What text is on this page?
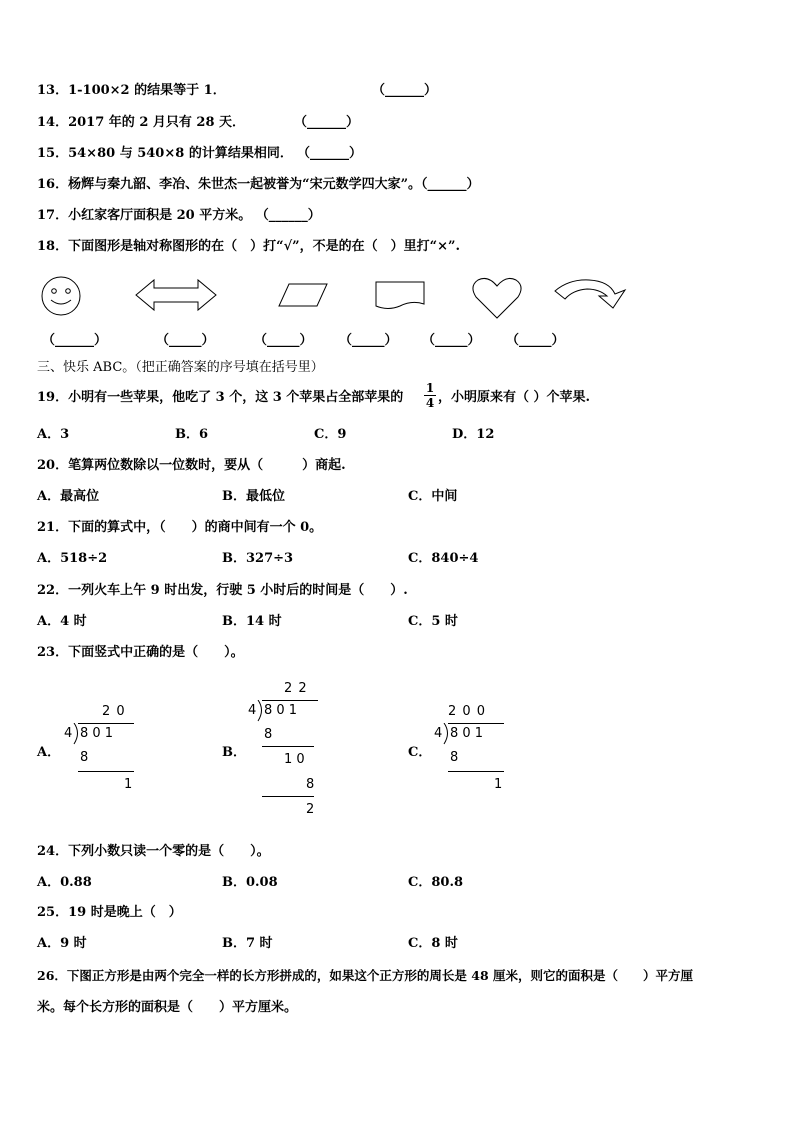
13．1-100×2 的结果等于 1．	（______）
14．2017 年的 2 月只有 28 天．	（______）
15．54×80 与 540×8 的计算结果相同． （______）
16．杨辉与秦九韶、李冶、朱世杰一起被誉为“宋元数学四大家”。（______）
17．小红家客厅面积是 20 平方米。 （______）
18．下面图形是轴对称图形的在（　）打“√”，不是的在（　）里打“×”.
（______）	（_____）	（_____） （_____） （_____） （_____）
三、快乐 ABC。（把正确答案的序号填在括号里）
19．小明有一些苹果，他吃了 3 个，这 3 个苹果占全部苹果的
1
4 ，小明原来有（ ）个苹果.
A．3	B．6	C．9	D．12
20．笔算两位数除以一位数时，要从（　　　）商起.
A．最高位	B．最低位	C．中间
21．下面的算式中，（　　）的商中间有一个 0。
A．518÷2	B．327÷3	C．840÷4
22．一列火车上午 9 时出发，行驶 5 小时后的时间是（　　）.
A．4 时	B．14 时	C．5 时
23．下面竖式中正确的是（　　）。
A．
2 0
4 8 0 1
8
1
B．
2 2
4 8 0 1
8
1 0
8
2
C．
2 0 0
4 8 0 1
8
1
24．下列小数只读一个零的是（　　）。
A．0.88	B．0.08	C．80.8
25．19 时是晚上（　）
A．9 时	B．7 时	C．8 时
26．下图正方形是由两个完全一样的长方形拼成的，如果这个正方形的周长是 48 厘米，则它的面积是（　　）平方厘
米。每个长方形的面积是（　　）平方厘米。
